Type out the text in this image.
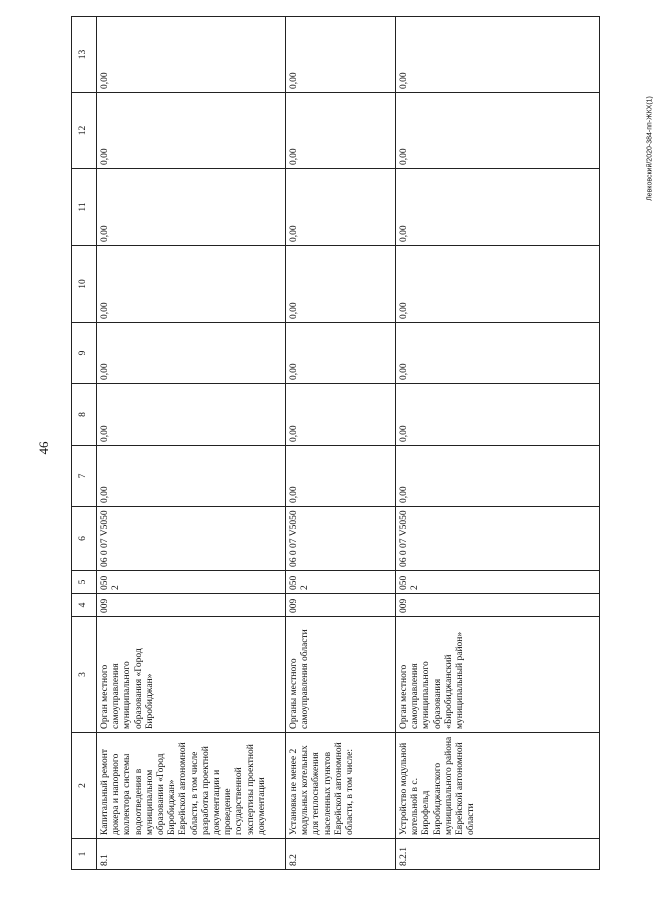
46
Левковский/2020-384-пп-ЖКХ(1)
1	2	3	4	5	6	7	8	9	10	11	12	13
8.1	Капитальный ремонт дюкера и напорного коллектора системы водоотведения в муниципальном образовании «Город Биробиджан» Еврейской автономной области, в том числе разработка проектной документации и проведение государственной экспертизы проектной документации	Орган местного самоуправления муниципального образования «Город Биробиджан»	009	0502	06 0 07 V5050	0,00	0,00	0,00	0,00	0,00	0,00	0,00
8.2	Установка не менее 2 модульных котельных для теплоснабжения населенных пунктов Еврейской автономной области, в том числе:	Органы местного самоуправления области	009	0502	06 0 07 V5050	0,00	0,00	0,00	0,00	0,00	0,00	0,00
8.2.1	Устройство модульной котельной в с. Бирофельд Биробиджанского муниципального района Еврейской автономной области	Орган местного самоуправления муниципального образования «Биробиджанский муниципальный район»	009	0502	06 0 07 V5050	0,00	0,00	0,00	0,00	0,00	0,00	0,00
